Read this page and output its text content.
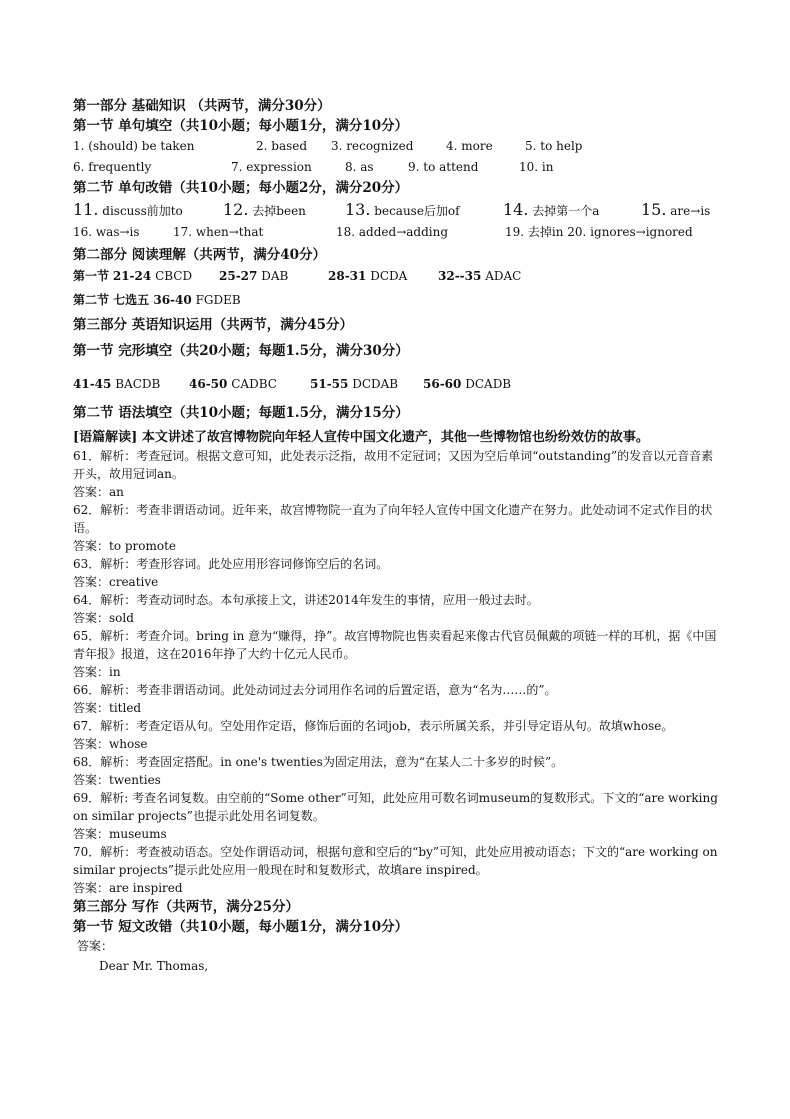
第一部分 基础知识 （共两节，满分30分）
第一节 单句填空（共10小题；每小题1分，满分10分）
1. (should) be taken	2. based 3. recognized	4. more	5. to help
6. frequently	7. expression	8. as	9. to attend	10. in
第二节 单句改错（共10小题；每小题2分，满分20分）
11. discuss前加to	12. 去掉been 13. because后加of	14. 去掉第一个a	15. are→is
16. was→is	17. when→that	18. added→adding	19. 去掉in 20. ignores→ignored
第二部分 阅读理解（共两节，满分40分）
第一节 21-24 CBCD 25-27 DAB	28-31 DCDA	32--35 ADAC
第二节 七选五 36-40 FGDEB
第三部分 英语知识运用（共两节，满分45分）
第一节 完形填空（共20小题；每题1.5分，满分30分）
41-45 BACDB 46-50 CADBC	51-55 DCDAB 56-60 DCADB
第二节 语法填空（共10小题；每题1.5分，满分15分）
[语篇解读] 本文讲述了故宫博物院向年轻人宣传中国文化遗产，其他一些博物馆也纷纷效仿的故事。

61．解析：考查冠词。根据文意可知，此处表示泛指，故用不定冠词；又因为空后单词“outstanding”的发音以元音音素开头，故用冠词an。

答案：an

62．解析：考查非谓语动词。近年来，故宫博物院一直为了向年轻人宣传中国文化遗产在努力。此处动词不定式作目的状语。

答案：to promote

63．解析：考查形容词。此处应用形容词修饰空后的名词。

答案：creative

64．解析：考查动词时态。本句承接上文，讲述2014年发生的事情，应用一般过去时。

答案：sold

65．解析：考查介词。bring in 意为“赚得，挣”。故宫博物院也售卖看起来像古代官员佩戴的项链一样的耳机，据《中国青年报》报道，这在2016年挣了大约十亿元人民币。

答案：in

66．解析：考查非谓语动词。此处动词过去分词用作名词的后置定语，意为“名为……的”。

答案：titled

67．解析：考查定语从句。空处用作定语，修饰后面的名词job，表示所属关系，并引导定语从句。故填whose。

答案：whose

68．解析：考查固定搭配。in one's twenties为固定用法，意为“在某人二十多岁的时候”。

答案：twenties

69．解析: 考查名词复数。由空前的“Some other”可知，此处应用可数名词museum的复数形式。下文的“are working on similar projects”也提示此处用名词复数。

答案：museums

70．解析：考查被动语态。空处作谓语动词，根据句意和空后的“by”可知，此处应用被动语态；下文的“are working on similar projects”提示此处应用一般现在时和复数形式，故填are inspired。

答案：are inspired

第三部分 写作（共两节，满分25分）
第一节 短文改错（共10小题，每小题1分，满分10分）

答案：

Dear Mr. Thomas,
